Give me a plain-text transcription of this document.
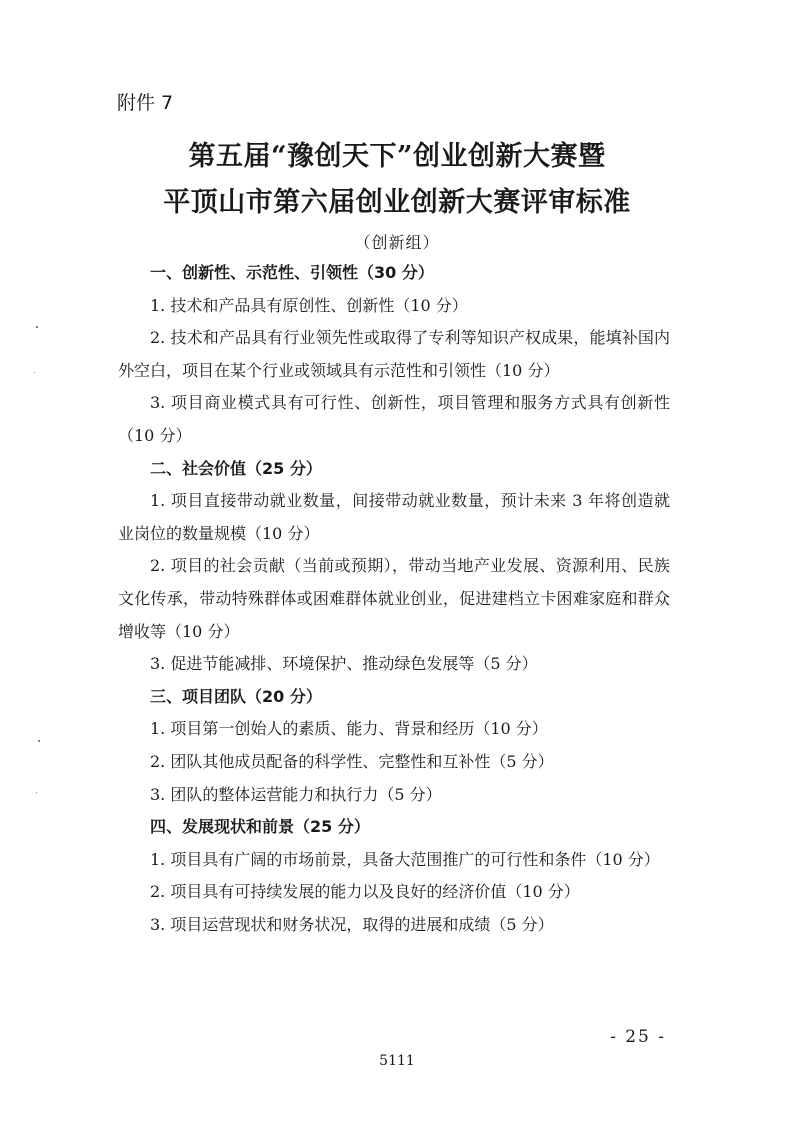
附件 7
第五届“豫创天下”创业创新大赛暨
平顶山市第六届创业创新大赛评审标准
（创新组）

一、创新性、示范性、引领性（30 分）

1. 技术和产品具有原创性、创新性（10 分）

2. 技术和产品具有行业领先性或取得了专利等知识产权成果，能填补国内外空白，项目在某个行业或领域具有示范性和引领性（10 分）

3. 项目商业模式具有可行性、创新性，项目管理和服务方式具有创新性（10 分）

二、社会价值（25 分）

1. 项目直接带动就业数量，间接带动就业数量，预计未来 3 年将创造就业岗位的数量规模（10 分）

2. 项目的社会贡献（当前或预期），带动当地产业发展、资源利用、民族文化传承，带动特殊群体或困难群体就业创业，促进建档立卡困难家庭和群众增收等（10 分）

3. 促进节能减排、环境保护、推动绿色发展等（5 分）

三、项目团队（20 分）

1. 项目第一创始人的素质、能力、背景和经历（10 分）

2. 团队其他成员配备的科学性、完整性和互补性（5 分）

3. 团队的整体运营能力和执行力（5 分）

四、发展现状和前景（25 分）

1. 项目具有广阔的市场前景，具备大范围推广的可行性和条件（10 分）

2. 项目具有可持续发展的能力以及良好的经济价值（10 分）

3. 项目运营现状和财务状况，取得的进展和成绩（5 分）

- 25 -
5111
